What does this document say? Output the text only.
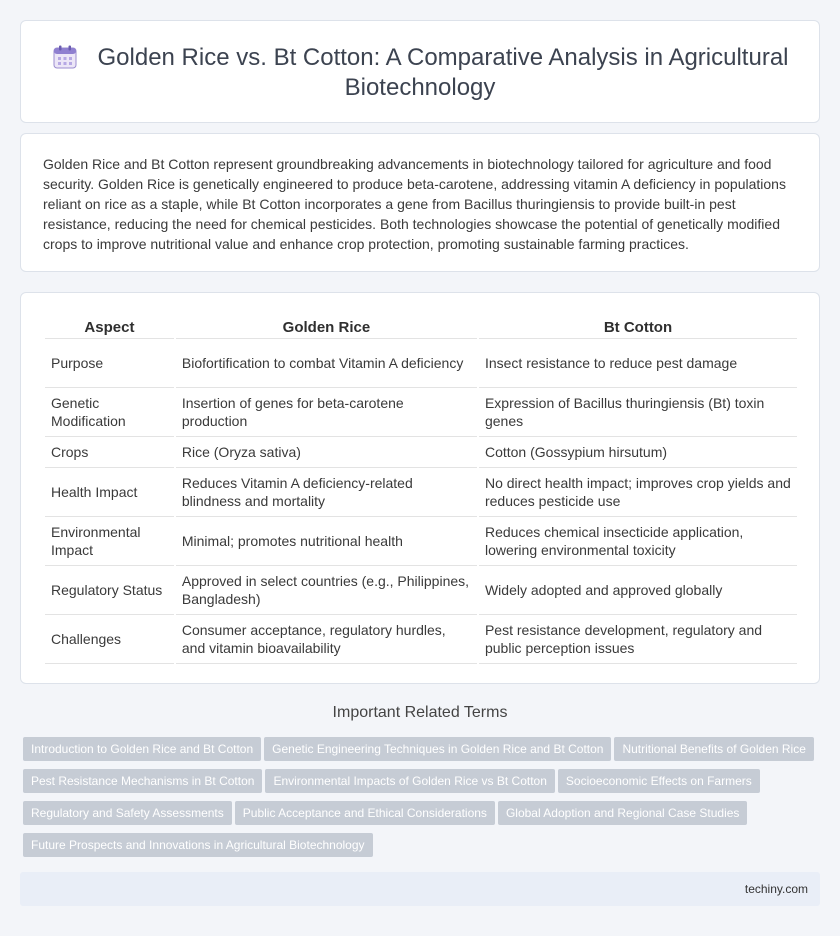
Golden Rice vs. Bt Cotton: A Comparative Analysis in Agricultural Biotechnology

Golden Rice and Bt Cotton represent groundbreaking advancements in biotechnology tailored for agriculture and food security. Golden Rice is genetically engineered to produce beta-carotene, addressing vitamin A deficiency in populations reliant on rice as a staple, while Bt Cotton incorporates a gene from Bacillus thuringiensis to provide built-in pest resistance, reducing the need for chemical pesticides. Both technologies showcase the potential of genetically modified crops to improve nutritional value and enhance crop protection, promoting sustainable farming practices.

Aspect	Golden Rice	Bt Cotton
Purpose	Biofortification to combat Vitamin A deficiency	Insect resistance to reduce pest damage
Genetic Modification	Insertion of genes for beta-carotene production	Expression of Bacillus thuringiensis (Bt) toxin genes
Crops	Rice (Oryza sativa)	Cotton (Gossypium hirsutum)
Health Impact	Reduces Vitamin A deficiency-related blindness and mortality	No direct health impact; improves crop yields and reduces pesticide use
Environmental Impact	Minimal; promotes nutritional health	Reduces chemical insecticide application, lowering environmental toxicity
Regulatory Status	Approved in select countries (e.g., Philippines, Bangladesh)	Widely adopted and approved globally
Challenges	Consumer acceptance, regulatory hurdles, and vitamin bioavailability	Pest resistance development, regulatory and public perception issues
Important Related Terms
Introduction to Golden Rice and Bt Cotton Genetic Engineering Techniques in Golden Rice and Bt Cotton Nutritional Benefits of Golden Rice Pest Resistance Mechanisms in Bt Cotton Environmental Impacts of Golden Rice vs Bt Cotton Socioeconomic Effects on Farmers Regulatory and Safety Assessments Public Acceptance and Ethical Considerations Global Adoption and Regional Case Studies Future Prospects and Innovations in Agricultural Biotechnology
techiny.com
